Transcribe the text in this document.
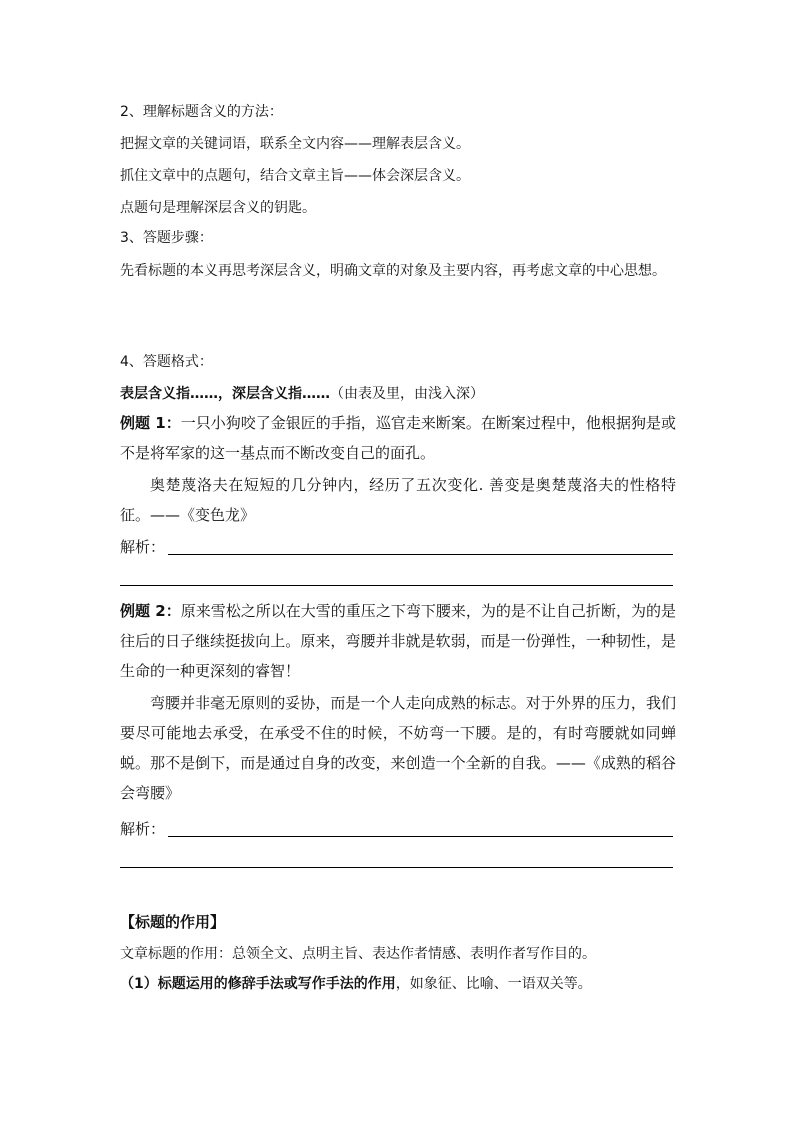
2、理解标题含义的方法：
把握文章的关键词语，联系全文内容——理解表层含义。
抓住文章中的点题句，结合文章主旨——体会深层含义。
点题句是理解深层含义的钥匙。
3、答题步骤：
先看标题的本义再思考深层含义，明确文章的对象及主要内容，再考虑文章的中心思想。
4、答题格式：
表层含义指……，深层含义指……（由表及里，由浅入深）
例题 1：一只小狗咬了金银匠的手指，巡官走来断案。在断案过程中，他根据狗是或不是将军家的这一基点而不断改变自己的面孔。
奥楚蔑洛夫在短短的几分钟内，经历了五次变化. 善变是奥楚蔑洛夫的性格特征。——《变色龙》
解析：
例题 2：原来雪松之所以在大雪的重压之下弯下腰来，为的是不让自己折断，为的是往后的日子继续挺拔向上。原来，弯腰并非就是软弱，而是一份弹性，一种韧性，是生命的一种更深刻的睿智！
弯腰并非毫无原则的妥协，而是一个人走向成熟的标志。对于外界的压力，我们要尽可能地去承受，在承受不住的时候，不妨弯一下腰。是的，有时弯腰就如同蝉蜕。那不是倒下，而是通过自身的改变，来创造一个全新的自我。——《成熟的稻谷会弯腰》
解析：
【标题的作用】
文章标题的作用：总领全文、点明主旨、表达作者情感、表明作者写作目的。
（1）标题运用的修辞手法或写作手法的作用，如象征、比喻、一语双关等。
